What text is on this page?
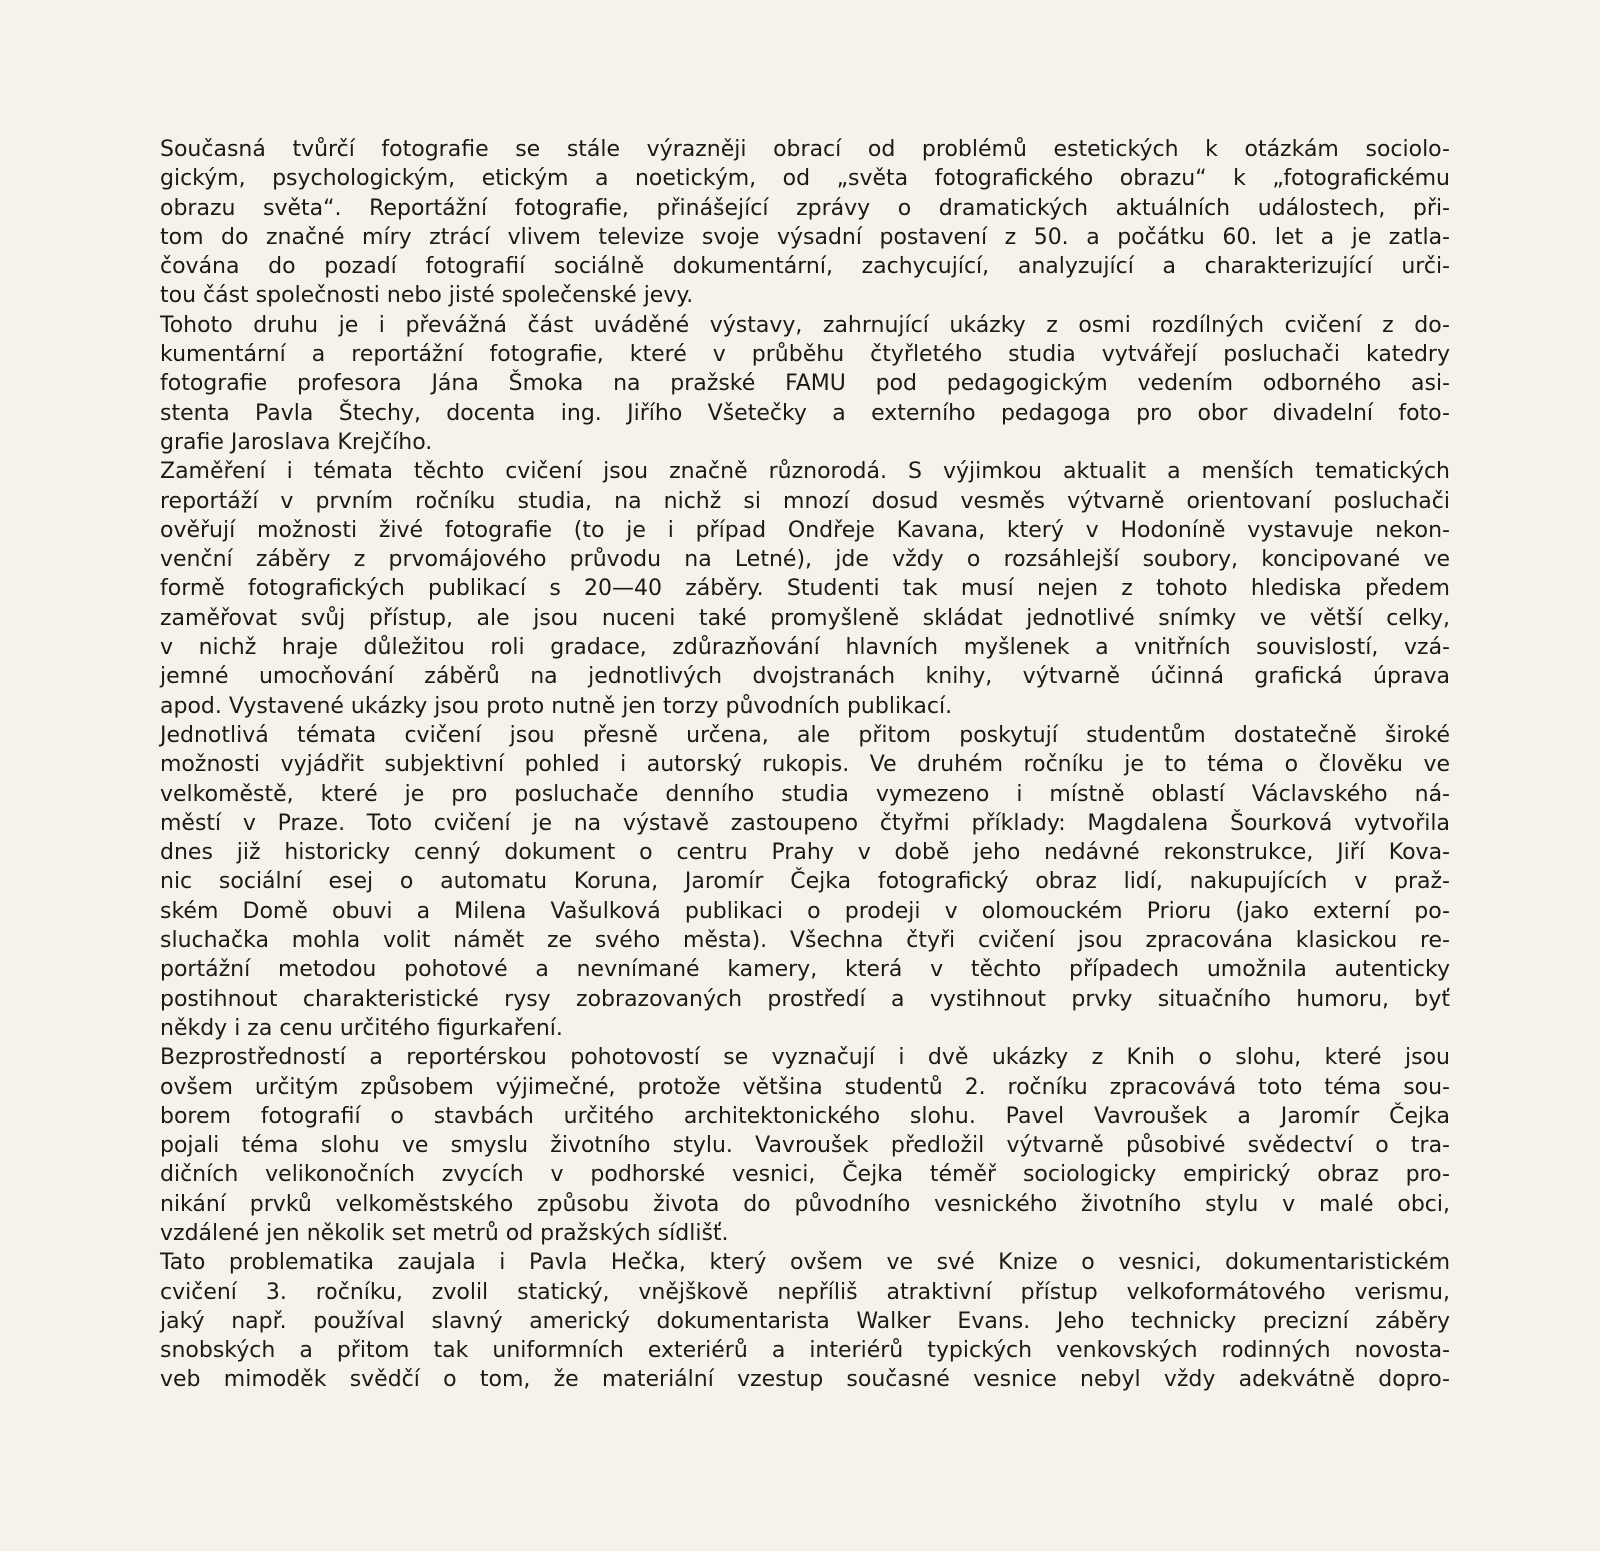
Současná tvůrčí fotografie se stále výrazněji obrací od problémů estetických k otázkám sociolo-
gickým, psychologickým, etickým a noetickým, od „světa fotografického obrazu“ k „fotografickému
obrazu světa“. Reportážní fotografie, přinášející zprávy o dramatických aktuálních událostech, při-
tom do značné míry ztrácí vlivem televize svoje výsadní postavení z 50. a počátku 60. let a je zatla-
čována do pozadí fotografií sociálně dokumentární, zachycující, analyzující a charakterizující urči-
tou část společnosti nebo jisté společenské jevy.
Tohoto druhu je i převážná část uváděné výstavy, zahrnující ukázky z osmi rozdílných cvičení z do-
kumentární a reportážní fotografie, které v průběhu čtyřletého studia vytvářejí posluchači katedry
fotografie profesora Jána Šmoka na pražské FAMU pod pedagogickým vedením odborného asi-
stenta Pavla Štechy, docenta ing. Jiřího Všetečky a externího pedagoga pro obor divadelní foto-
grafie Jaroslava Krejčího.
Zaměření i témata těchto cvičení jsou značně různorodá. S výjimkou aktualit a menších tematických
reportáží v prvním ročníku studia, na nichž si mnozí dosud vesměs výtvarně orientovaní posluchači
ověřují možnosti živé fotografie (to je i případ Ondřeje Kavana, který v Hodoníně vystavuje nekon-
venční záběry z prvomájového průvodu na Letné), jde vždy o rozsáhlejší soubory, koncipované ve
formě fotografických publikací s 20—40 záběry. Studenti tak musí nejen z tohoto hlediska předem
zaměřovat svůj přístup, ale jsou nuceni také promyšleně skládat jednotlivé snímky ve větší celky,
v nichž hraje důležitou roli gradace, zdůrazňování hlavních myšlenek a vnitřních souvislostí, vzá-
jemné umocňování záběrů na jednotlivých dvojstranách knihy, výtvarně účinná grafická úprava
apod. Vystavené ukázky jsou proto nutně jen torzy původních publikací.
Jednotlivá témata cvičení jsou přesně určena, ale přitom poskytují studentům dostatečně široké
možnosti vyjádřit subjektivní pohled i autorský rukopis. Ve druhém ročníku je to téma o člověku ve
velkoměstě, které je pro posluchače denního studia vymezeno i místně oblastí Václavského ná-
městí v Praze. Toto cvičení je na výstavě zastoupeno čtyřmi příklady: Magdalena Šourková vytvořila
dnes již historicky cenný dokument o centru Prahy v době jeho nedávné rekonstrukce, Jiří Kova-
nic sociální esej o automatu Koruna, Jaromír Čejka fotografický obraz lidí, nakupujících v praž-
ském Domě obuvi a Milena Vašulková publikaci o prodeji v olomouckém Prioru (jako externí po-
sluchačka mohla volit námět ze svého města). Všechna čtyři cvičení jsou zpracována klasickou re-
portážní metodou pohotové a nevnímané kamery, která v těchto případech umožnila autenticky
postihnout charakteristické rysy zobrazovaných prostředí a vystihnout prvky situačního humoru, byť
někdy i za cenu určitého figurkaření.
Bezprostředností a reportérskou pohotovostí se vyznačují i dvě ukázky z Knih o slohu, které jsou
ovšem určitým způsobem výjimečné, protože většina studentů 2. ročníku zpracovává toto téma sou-
borem fotografií o stavbách určitého architektonického slohu. Pavel Vavroušek a Jaromír Čejka
pojali téma slohu ve smyslu životního stylu. Vavroušek předložil výtvarně působivé svědectví o tra-
dičních velikonočních zvycích v podhorské vesnici, Čejka téměř sociologicky empirický obraz pro-
nikání prvků velkoměstského způsobu života do původního vesnického životního stylu v malé obci,
vzdálené jen několik set metrů od pražských sídlišť.
Tato problematika zaujala i Pavla Hečka, který ovšem ve své Knize o vesnici, dokumentaristickém
cvičení 3. ročníku, zvolil statický, vnějškově nepříliš atraktivní přístup velkoformátového verismu,
jaký např. používal slavný americký dokumentarista Walker Evans. Jeho technicky precizní záběry
snobských a přitom tak uniformních exteriérů a interiérů typických venkovských rodinných novosta-
veb mimoděk svědčí o tom, že materiální vzestup současné vesnice nebyl vždy adekvátně dopro-
